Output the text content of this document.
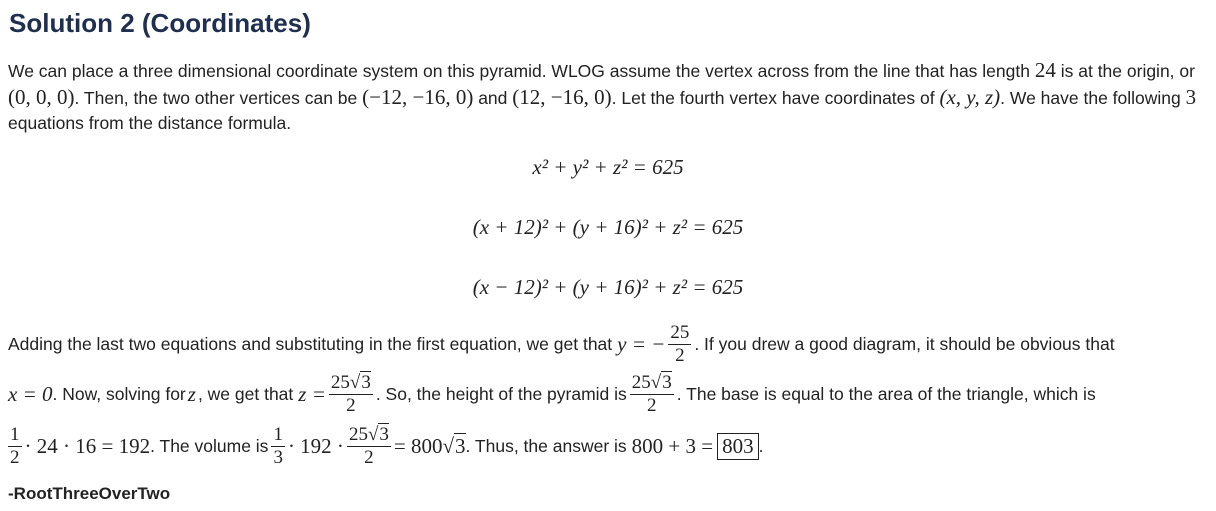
Solution 2 (Coordinates)

We can place a three dimensional coordinate system on this pyramid. WLOG assume the vertex across from the line that has length 24 is at the origin, or (0, 0, 0). Then, the two other vertices can be (−12, −16, 0) and (12, −16, 0). Let the fourth vertex have coordinates of (x, y, z). We have the following 3 equations from the distance formula.

x² + y² + z² = 625
(x + 12)² + (y + 16)² + z² = 625
(x − 12)² + (y + 16)² + z² = 625
Adding the last two equations and substituting in the first equation, we get that y = − $\frac{25}{2}$ . If you drew a good diagram, it should be obvious that
x = 0 . Now, solving for z , we get that $z = \frac{25√3}{2}$ . So, the height of the pyramid is $\frac{25√3}{2}$ . The base is equal to the area of the triangle, which is
$\frac{1}{2} \cdot 24 \cdot 16 = 192$ . The volume is $\frac{1}{3} \cdot 192 \cdot \frac{25√3}{2} = 800√3$ . Thus, the answer is 800 + 3 = 803 .

-RootThreeOverTwo
